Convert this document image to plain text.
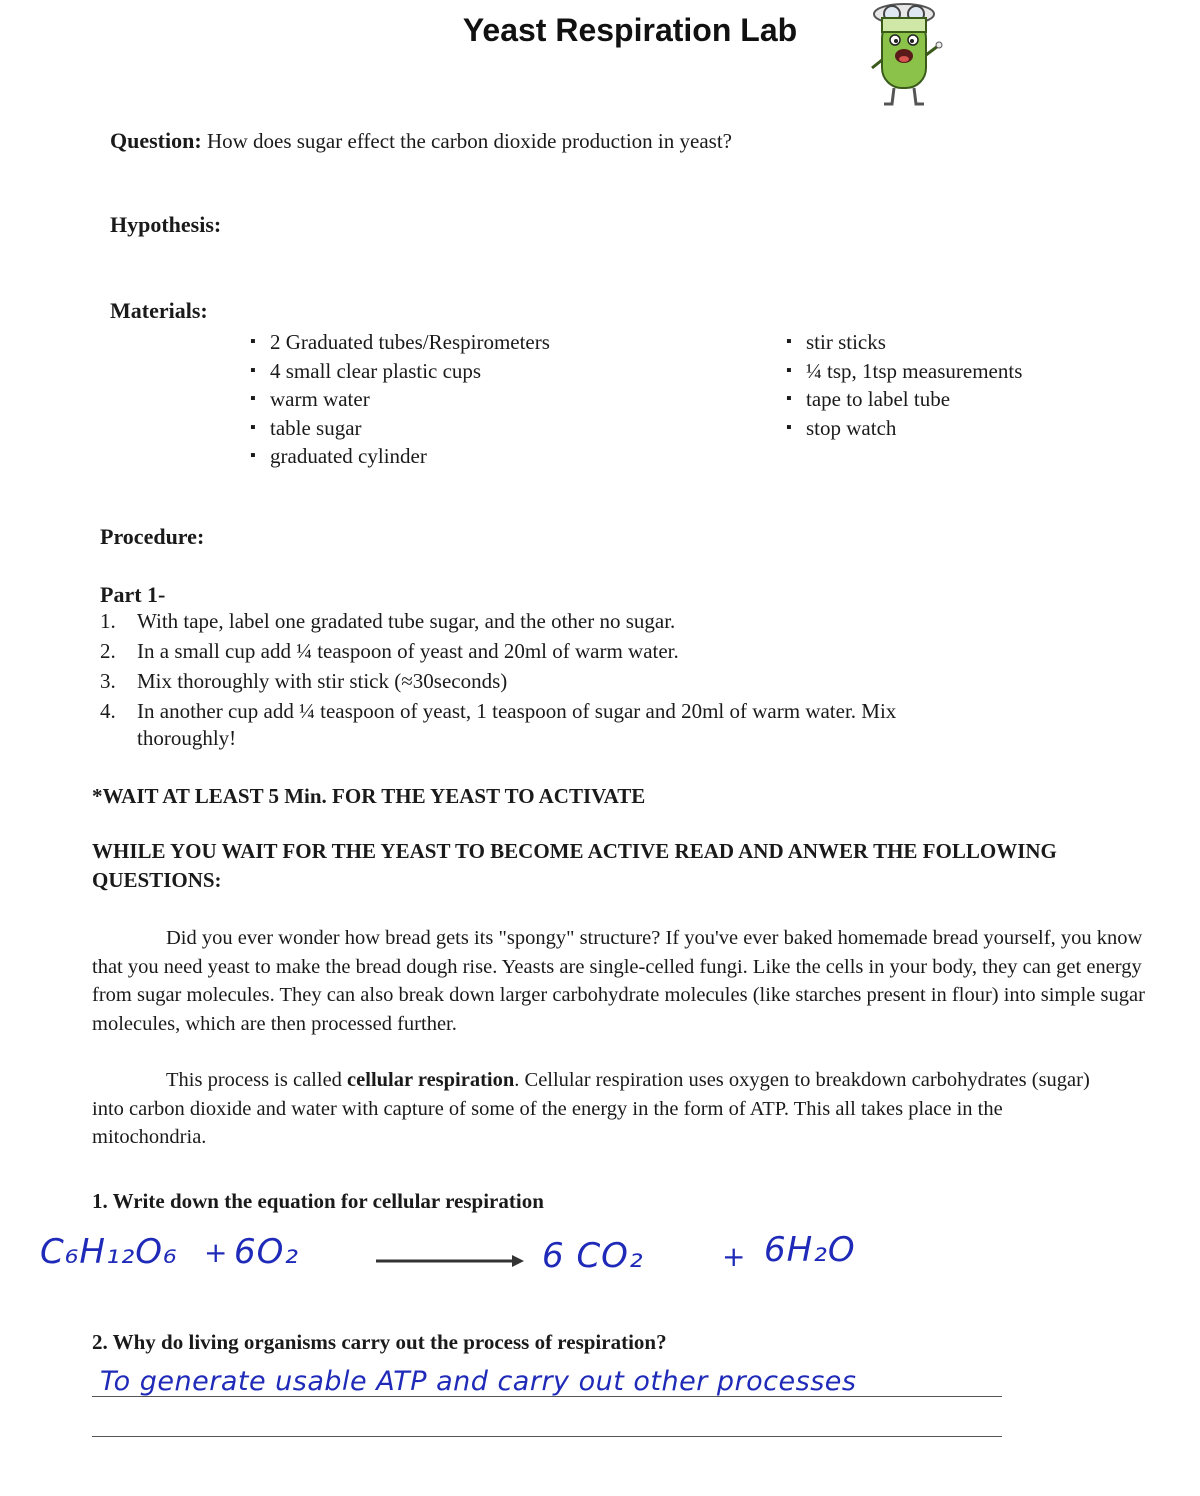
Yeast Respiration Lab
Question: How does sugar effect the carbon dioxide production in yeast?
Hypothesis:
Materials:
▪ 2 Graduated tubes/Respirometers
▪ 4 small clear plastic cups
▪ warm water
▪ table sugar
▪ graduated cylinder
▪ stir sticks
▪ ¼ tsp, 1tsp measurements
▪ tape to label tube
▪ stop watch
Procedure:
Part 1-
1. With tape, label one gradated tube sugar, and the other no sugar.
2. In a small cup add ¼ teaspoon of yeast and 20ml of warm water.
3. Mix thoroughly with stir stick (≈30seconds)
4. In another cup add ¼ teaspoon of yeast, 1 teaspoon of sugar and 20ml of warm water. Mix thoroughly!
*WAIT AT LEAST 5 Min. FOR THE YEAST TO ACTIVATE
WHILE YOU WAIT FOR THE YEAST TO BECOME ACTIVE READ AND ANWER THE FOLLOWING QUESTIONS:
Did you ever wonder how bread gets its "spongy" structure? If you've ever baked homemade bread yourself, you know that you need yeast to make the bread dough rise. Yeasts are single-celled fungi. Like the cells in your body, they can get energy from sugar molecules. They can also break down larger carbohydrate molecules (like starches present in flour) into simple sugar molecules, which are then processed further.
This process is called cellular respiration. Cellular respiration uses oxygen to breakdown carbohydrates (sugar) into carbon dioxide and water with capture of some of the energy in the form of ATP. This all takes place in the mitochondria.
1. Write down the equation for cellular respiration
C₆H₁₂O₆ + 6O₂	6 CO₂	+ 6H₂O
2. Why do living organisms carry out the process of respiration?
To generate usable ATP and carry out other processes
